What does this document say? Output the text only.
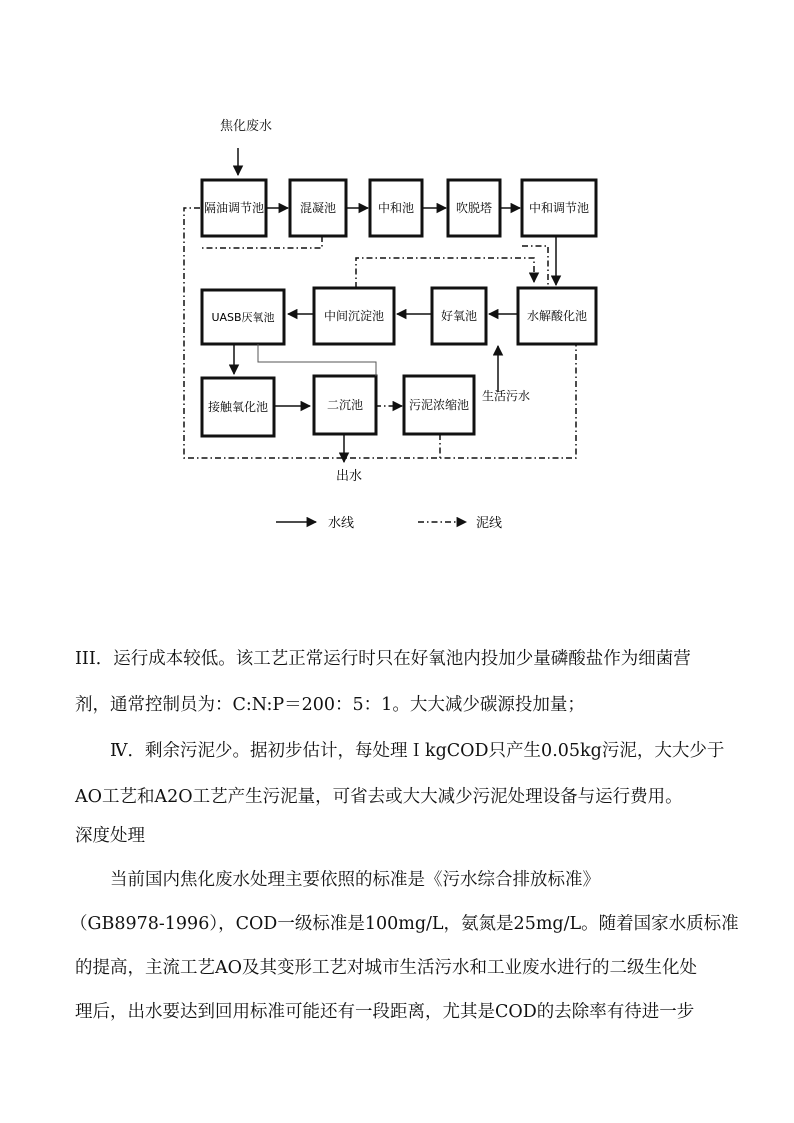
焦化废水
隔油调节池	混凝池	中和池	吹脱塔	中和调节池
UASB厌氧池	中间沉淀池	好氧池	水解酸化池
接触氧化池	二沉池	污泥浓缩池
出水
生活污水
水线	泥线
III．运行成本较低。该工艺正常运行时只在好氧池内投加少量磷酸盐作为细菌营
剂，通常控制员为：C:N:P＝200：5：1。大大减少碳源投加量；
Ⅳ．剩余污泥少。据初步估计，每处理ＩkgCOD只产生0.05kg污泥，大大少于
AO工艺和A2O工艺产生污泥量，可省去或大大减少污泥处理设备与运行费用。
深度处理
当前国内焦化废水处理主要依照的标准是《污水综合排放标准》
（GB8978-1996），COD一级标准是100mg/L，氨氮是25mg/L。随着国家水质标准
的提高，主流工艺AO及其变形工艺对城市生活污水和工业废水进行的二级生化处
理后，出水要达到回用标准可能还有一段距离，尤其是COD的去除率有待进一步
